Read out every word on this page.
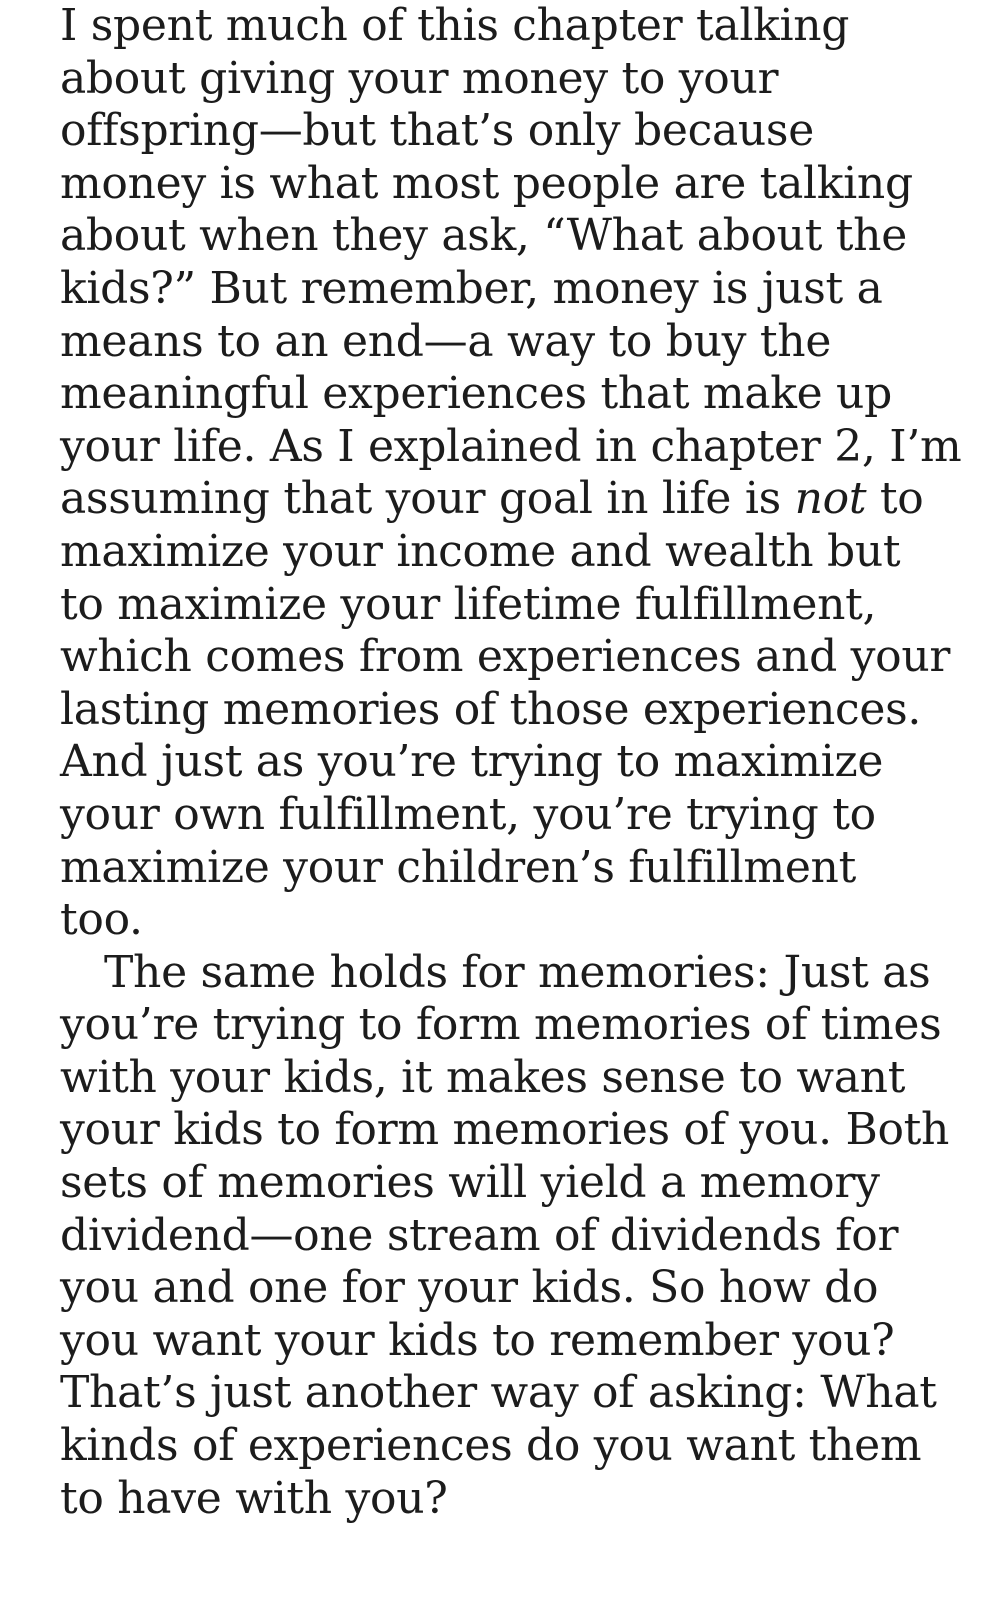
I spent much of this chapter talking
about giving your money to your
offspring—but that’s only because
money is what most people are talking
about when they ask, “What about the
kids?” But remember, money is just a
means to an end—a way to buy the
meaningful experiences that make up
your life. As I explained in chapter 2, I’m
assuming that your goal in life is not to
maximize your income and wealth but
to maximize your lifetime fulfillment,
which comes from experiences and your
lasting memories of those experiences.
And just as you’re trying to maximize
your own fulfillment, you’re trying to
maximize your children’s fulfillment
too.
The same holds for memories: Just as
you’re trying to form memories of times
with your kids, it makes sense to want
your kids to form memories of you. Both
sets of memories will yield a memory
dividend—one stream of dividends for
you and one for your kids. So how do
you want your kids to remember you?
That’s just another way of asking: What
kinds of experiences do you want them
to have with you?
